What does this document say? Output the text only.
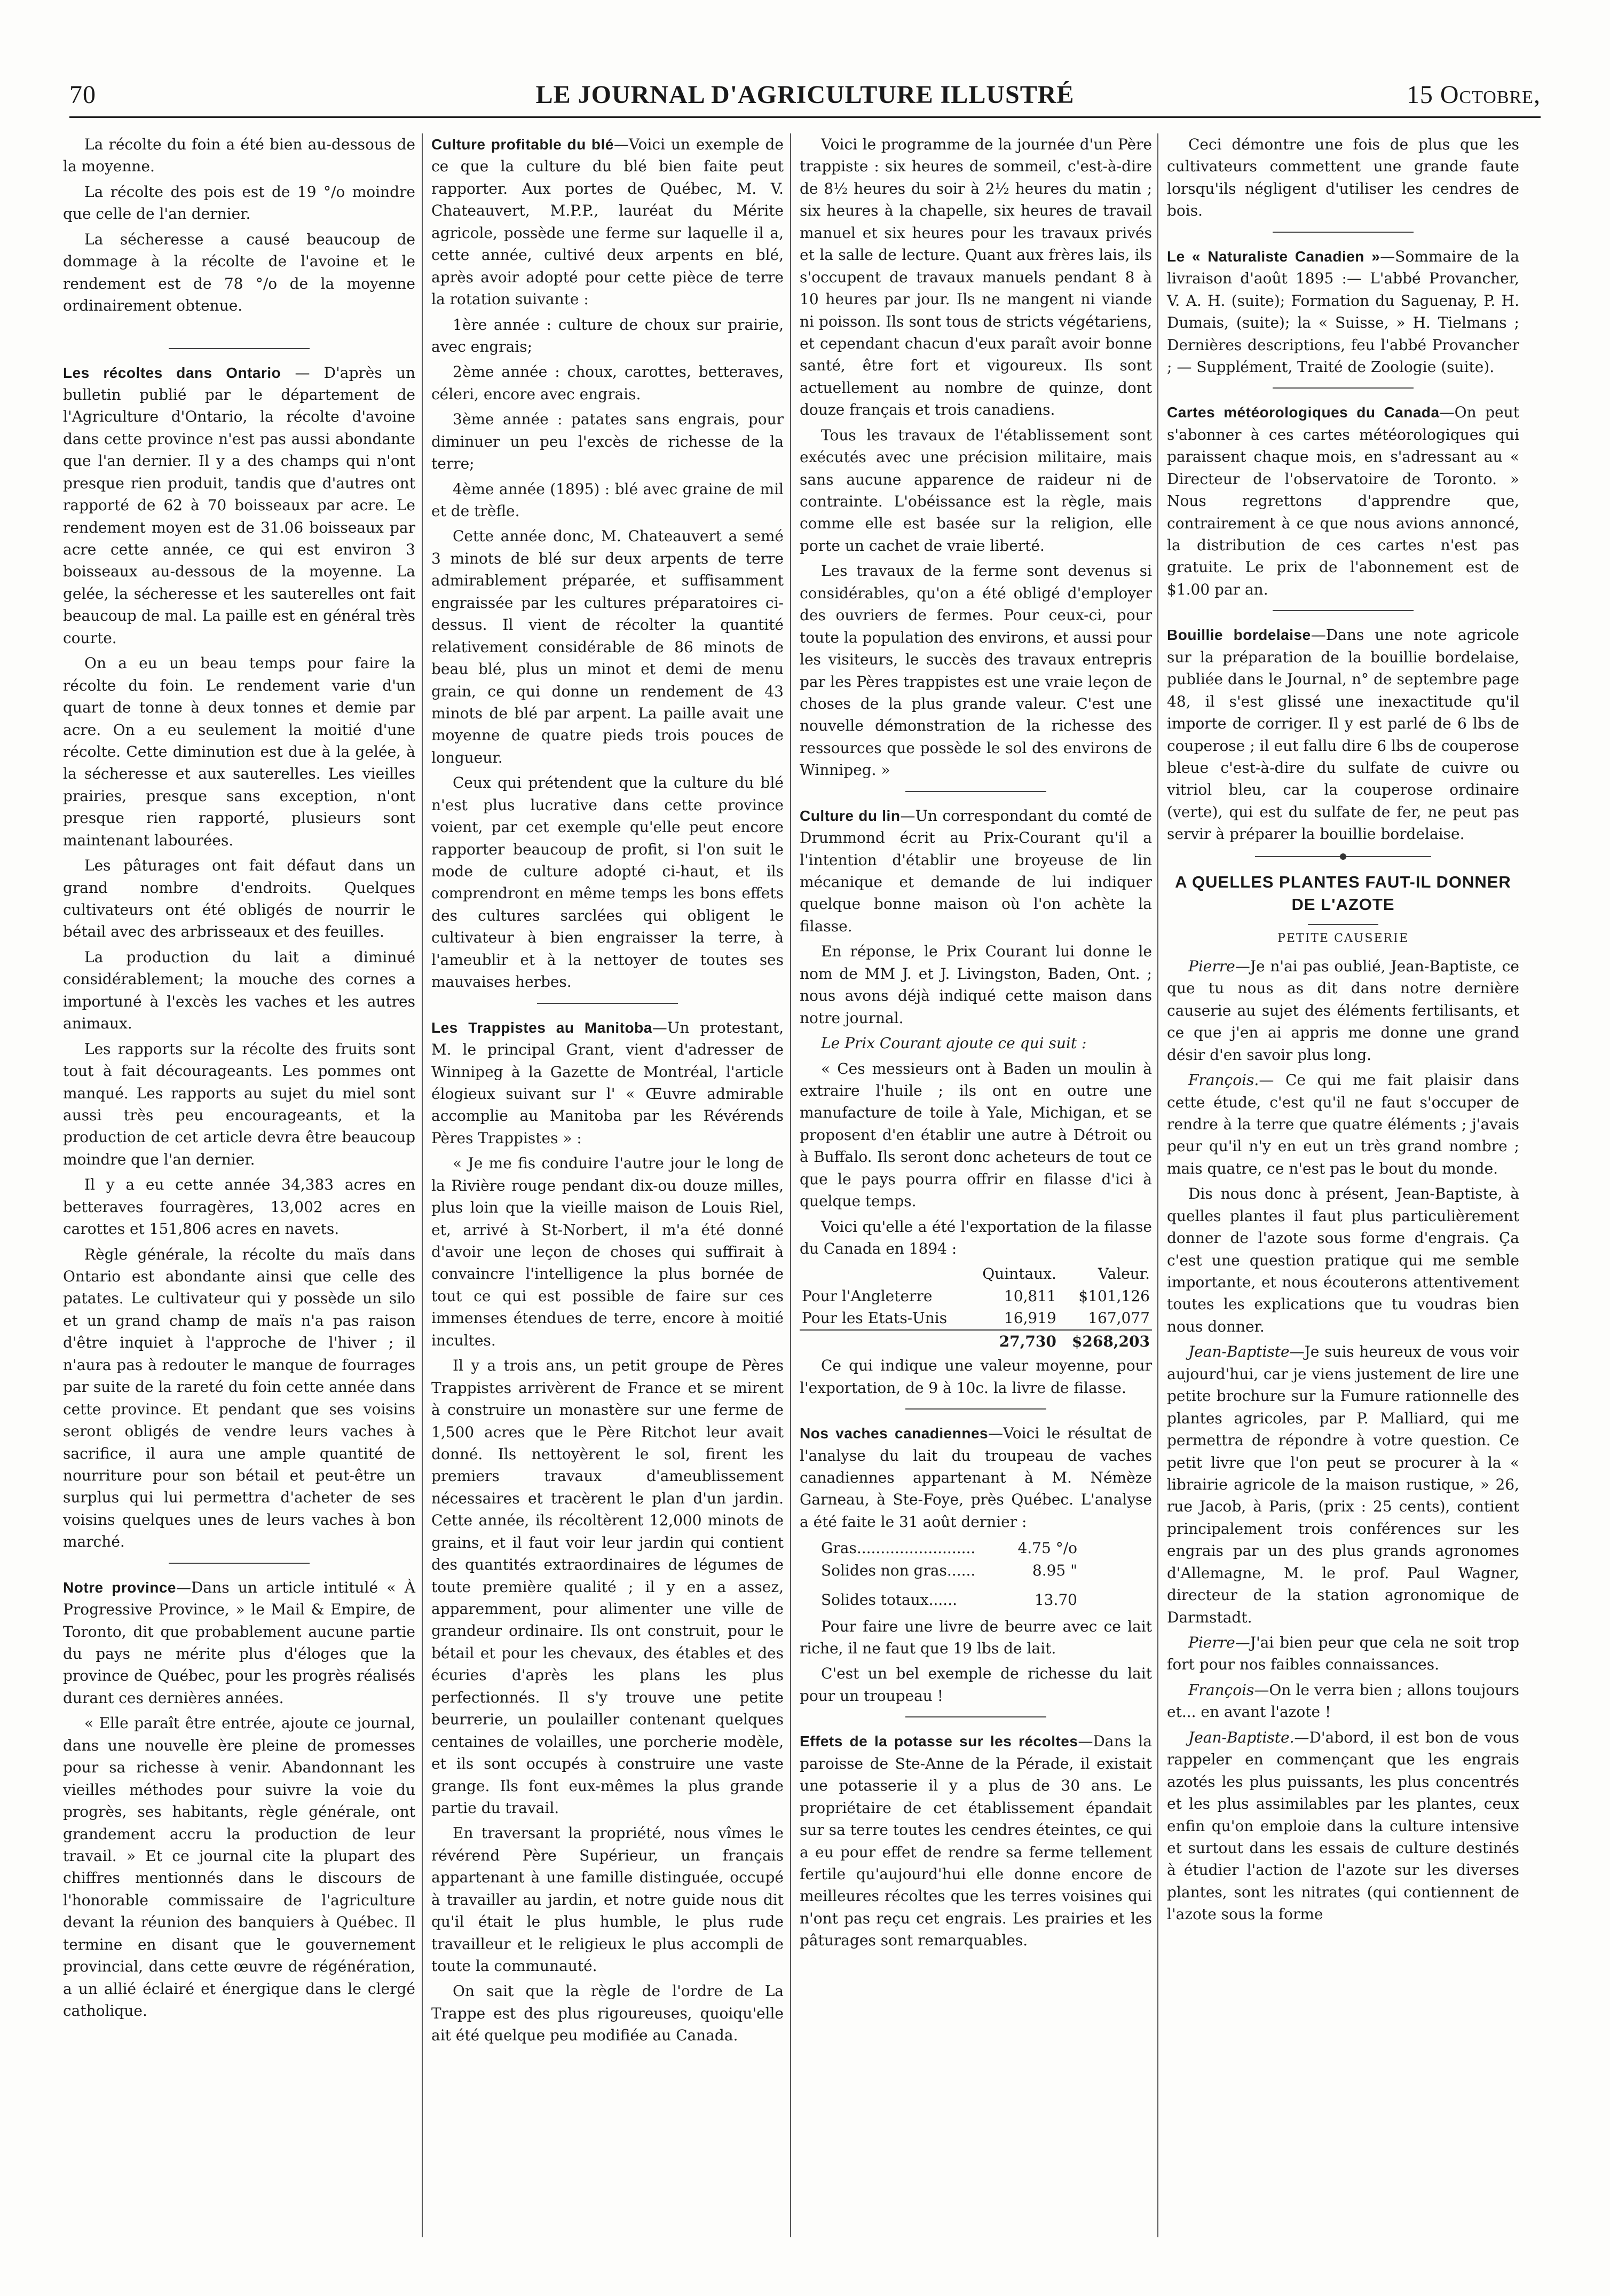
70	LE JOURNAL D'AGRICULTURE ILLUSTRÉ	15 Octobre,

La récolte du foin a été bien au-dessous de la moyenne.

La récolte des pois est de 19 °/o moindre que celle de l'an dernier.

La sécheresse a causé beaucoup de dommage à la récolte de l'avoine et le rendement est de 78 °/o de la moyenne ordinairement obtenue.

Les récoltes dans Ontario — D'après un bulletin publié par le département de l'Agriculture d'Ontario, la récolte d'avoine dans cette province n'est pas aussi abondante que l'an dernier. Il y a des champs qui n'ont presque rien produit, tandis que d'autres ont rapporté de 62 à 70 boisseaux par acre. Le rendement moyen est de 31.06 boisseaux par acre cette année, ce qui est environ 3 boisseaux au-dessous de la moyenne. La gelée, la sécheresse et les sauterelles ont fait beaucoup de mal. La paille est en général très courte.

On a eu un beau temps pour faire la récolte du foin. Le rendement varie d'un quart de tonne à deux tonnes et demie par acre. On a eu seulement la moitié d'une récolte. Cette diminution est due à la gelée, à la sécheresse et aux sauterelles. Les vieilles prairies, presque sans exception, n'ont presque rien rapporté, plusieurs sont maintenant labourées.

Les pâturages ont fait défaut dans un grand nombre d'endroits. Quelques cultivateurs ont été obligés de nourrir le bétail avec des arbrisseaux et des feuilles.

La production du lait a diminué considérablement; la mouche des cornes a importuné à l'excès les vaches et les autres animaux.

Les rapports sur la récolte des fruits sont tout à fait décourageants. Les pommes ont manqué. Les rapports au sujet du miel sont aussi très peu encourageants, et la production de cet article devra être beaucoup moindre que l'an dernier.

Il y a eu cette année 34,383 acres en betteraves fourragères, 13,002 acres en carottes et 151,806 acres en navets.

Règle générale, la récolte du maïs dans Ontario est abondante ainsi que celle des patates. Le cultivateur qui y possède un silo et un grand champ de maïs n'a pas raison d'être inquiet à l'approche de l'hiver ; il n'aura pas à redouter le manque de fourrages par suite de la rareté du foin cette année dans cette province. Et pendant que ses voisins seront obligés de vendre leurs vaches à sacrifice, il aura une ample quantité de nourriture pour son bétail et peut-être un surplus qui lui permettra d'acheter de ses voisins quelques unes de leurs vaches à bon marché.

Notre province—Dans un article intitulé « À Progressive Province, » le Mail & Empire, de Toronto, dit que probablement aucune partie du pays ne mérite plus d'éloges que la province de Québec, pour les progrès réalisés durant ces dernières années.

« Elle paraît être entrée, ajoute ce journal, dans une nouvelle ère pleine de promesses pour sa richesse à venir. Abandonnant les vieilles méthodes pour suivre la voie du progrès, ses habitants, règle générale, ont grandement accru la production de leur travail. » Et ce journal cite la plupart des chiffres mentionnés dans le discours de l'honorable commissaire de l'agriculture devant la réunion des banquiers à Québec. Il termine en disant que le gouvernement provincial, dans cette œuvre de régénération, a un allié éclairé et énergique dans le clergé catholique.

Culture profitable du blé—Voici un exemple de ce que la culture du blé bien faite peut rapporter. Aux portes de Québec, M. V. Chateauvert, M.P.P., lauréat du Mérite agricole, possède une ferme sur laquelle il a, cette année, cultivé deux arpents en blé, après avoir adopté pour cette pièce de terre la rotation suivante :

1ère année : culture de choux sur prairie, avec engrais;

2ème année : choux, carottes, betteraves, céleri, encore avec engrais.

3ème année : patates sans engrais, pour diminuer un peu l'excès de richesse de la terre;

4ème année (1895) : blé avec graine de mil et de trèfle.

Cette année donc, M. Chateauvert a semé 3 minots de blé sur deux arpents de terre admirablement préparée, et suffisamment engraissée par les cultures préparatoires ci-dessus. Il vient de récolter la quantité relativement considérable de 86 minots de beau blé, plus un minot et demi de menu grain, ce qui donne un rendement de 43 minots de blé par arpent. La paille avait une moyenne de quatre pieds trois pouces de longueur.

Ceux qui prétendent que la culture du blé n'est plus lucrative dans cette province voient, par cet exemple qu'elle peut encore rapporter beaucoup de profit, si l'on suit le mode de culture adopté ci-haut, et ils comprendront en même temps les bons effets des cultures sarclées qui obligent le cultivateur à bien engraisser la terre, à l'ameublir et à la nettoyer de toutes ses mauvaises herbes.

Les Trappistes au Manitoba—Un protestant, M. le principal Grant, vient d'adresser de Winnipeg à la Gazette de Montréal, l'article élogieux suivant sur l' « Œuvre admirable accomplie au Manitoba par les Révérends Pères Trappistes » :

« Je me fis conduire l'autre jour le long de la Rivière rouge pendant dix-ou douze milles, plus loin que la vieille maison de Louis Riel, et, arrivé à St-Norbert, il m'a été donné d'avoir une leçon de choses qui suffirait à convaincre l'intelligence la plus bornée de tout ce qui est possible de faire sur ces immenses étendues de terre, encore à moitié incultes.

Il y a trois ans, un petit groupe de Pères Trappistes arrivèrent de France et se mirent à construire un monastère sur une ferme de 1,500 acres que le Père Ritchot leur avait donné. Ils nettoyèrent le sol, firent les premiers travaux d'ameublissement nécessaires et tracèrent le plan d'un jardin. Cette année, ils récoltèrent 12,000 minots de grains, et il faut voir leur jardin qui contient des quantités extraordinaires de légumes de toute première qualité ; il y en a assez, apparemment, pour alimenter une ville de grandeur ordinaire. Ils ont construit, pour le bétail et pour les chevaux, des étables et des écuries d'après les plans les plus perfectionnés. Il s'y trouve une petite beurrerie, un poulailler contenant quelques centaines de volailles, une porcherie modèle, et ils sont occupés à construire une vaste grange. Ils font eux-mêmes la plus grande partie du travail.

En traversant la propriété, nous vîmes le révérend Père Supérieur, un français appartenant à une famille distinguée, occupé à travailler au jardin, et notre guide nous dit qu'il était le plus humble, le plus rude travailleur et le religieux le plus accompli de toute la communauté.

On sait que la règle de l'ordre de La Trappe est des plus rigoureuses, quoiqu'elle ait été quelque peu modifiée au Canada.

Voici le programme de la journée d'un Père trappiste : six heures de sommeil, c'est-à-dire de 8½ heures du soir à 2½ heures du matin ; six heures à la chapelle, six heures de travail manuel et six heures pour les travaux privés et la salle de lecture. Quant aux frères lais, ils s'occupent de travaux manuels pendant 8 à 10 heures par jour. Ils ne mangent ni viande ni poisson. Ils sont tous de stricts végétariens, et cependant chacun d'eux paraît avoir bonne santé, être fort et vigoureux. Ils sont actuellement au nombre de quinze, dont douze français et trois canadiens.

Tous les travaux de l'établissement sont exécutés avec une précision militaire, mais sans aucune apparence de raideur ni de contrainte. L'obéissance est la règle, mais comme elle est basée sur la religion, elle porte un cachet de vraie liberté.

Les travaux de la ferme sont devenus si considérables, qu'on a été obligé d'employer des ouvriers de fermes. Pour ceux-ci, pour toute la population des environs, et aussi pour les visiteurs, le succès des travaux entrepris par les Pères trappistes est une vraie leçon de choses de la plus grande valeur. C'est une nouvelle démonstration de la richesse des ressources que possède le sol des environs de Winnipeg. »

Culture du lin—Un correspondant du comté de Drummond écrit au Prix-Courant qu'il a l'intention d'établir une broyeuse de lin mécanique et demande de lui indiquer quelque bonne maison où l'on achète la filasse.

En réponse, le Prix Courant lui donne le nom de MM J. et J. Livingston, Baden, Ont. ; nous avons déjà indiqué cette maison dans notre journal.

Le Prix Courant ajoute ce qui suit :

« Ces messieurs ont à Baden un moulin à extraire l'huile ; ils ont en outre une manufacture de toile à Yale, Michigan, et se proposent d'en établir une autre à Détroit ou à Buffalo. Ils seront donc acheteurs de tout ce que le pays pourra offrir en filasse d'ici à quelque temps.

Voici qu'elle a été l'exportation de la filasse du Canada en 1894 :

	Quintaux.	Valeur.
Pour l'Angleterre	10,811	$101,126
Pour les Etats-Unis	16,919	167,077
	27,730	$268,203

Ce qui indique une valeur moyenne, pour l'exportation, de 9 à 10c. la livre de filasse.

Nos vaches canadiennes—Voici le résultat de l'analyse du lait du troupeau de vaches canadiennes appartenant à M. Némèze Garneau, à Ste-Foye, près Québec. L'analyse a été faite le 31 août dernier :

Gras.........................	4.75 °/o
Solides non gras......	8.95 "
Solides totaux......	13.70

Pour faire une livre de beurre avec ce lait riche, il ne faut que 19 lbs de lait.

C'est un bel exemple de richesse du lait pour un troupeau !

Effets de la potasse sur les récoltes—Dans la paroisse de Ste-Anne de la Pérade, il existait une potasserie il y a plus de 30 ans. Le propriétaire de cet établissement épandait sur sa terre toutes les cendres éteintes, ce qui a eu pour effet de rendre sa ferme tellement fertile qu'aujourd'hui elle donne encore de meilleures récoltes que les terres voisines qui n'ont pas reçu cet engrais. Les prairies et les pâturages sont remarquables.

Ceci démontre une fois de plus que les cultivateurs commettent une grande faute lorsqu'ils négligent d'utiliser les cendres de bois.

Le « Naturaliste Canadien »—Sommaire de la livraison d'août 1895 :— L'abbé Provancher, V. A. H. (suite); Formation du Saguenay, P. H. Dumais, (suite); la « Suisse, » H. Tielmans ; Dernières descriptions, feu l'abbé Provancher ; — Supplément, Traité de Zoologie (suite).

Cartes météorologiques du Canada—On peut s'abonner à ces cartes météorologiques qui paraissent chaque mois, en s'adressant au « Directeur de l'observatoire de Toronto. » Nous regrettons d'apprendre que, contrairement à ce que nous avions annoncé, la distribution de ces cartes n'est pas gratuite. Le prix de l'abonnement est de $1.00 par an.

Bouillie bordelaise—Dans une note agricole sur la préparation de la bouillie bordelaise, publiée dans le Journal, n° de septembre page 48, il s'est glissé une inexactitude qu'il importe de corriger. Il y est parlé de 6 lbs de couperose ; il eut fallu dire 6 lbs de couperose bleue c'est-à-dire du sulfate de cuivre ou vitriol bleu, car la couperose ordinaire (verte), qui est du sulfate de fer, ne peut pas servir à préparer la bouillie bordelaise.

A QUELLES PLANTES FAUT-IL DONNER DE L'AZOTE
PETITE CAUSERIE

Pierre—Je n'ai pas oublié, Jean-Baptiste, ce que tu nous as dit dans notre dernière causerie au sujet des éléments fertilisants, et ce que j'en ai appris me donne une grand désir d'en savoir plus long.

François.— Ce qui me fait plaisir dans cette étude, c'est qu'il ne faut s'occuper de rendre à la terre que quatre éléments ; j'avais peur qu'il n'y en eut un très grand nombre ; mais quatre, ce n'est pas le bout du monde.

Dis nous donc à présent, Jean-Baptiste, à quelles plantes il faut plus particulièrement donner de l'azote sous forme d'engrais. Ça c'est une question pratique qui me semble importante, et nous écouterons attentivement toutes les explications que tu voudras bien nous donner.

Jean-Baptiste—Je suis heureux de vous voir aujourd'hui, car je viens justement de lire une petite brochure sur la Fumure rationnelle des plantes agricoles, par P. Malliard, qui me permettra de répondre à votre question. Ce petit livre que l'on peut se procurer à la « librairie agricole de la maison rustique, » 26, rue Jacob, à Paris, (prix : 25 cents), contient principalement trois conférences sur les engrais par un des plus grands agronomes d'Allemagne, M. le prof. Paul Wagner, directeur de la station agronomique de Darmstadt.

Pierre—J'ai bien peur que cela ne soit trop fort pour nos faibles connaissances.

François—On le verra bien ; allons toujours et... en avant l'azote !

Jean-Baptiste.—D'abord, il est bon de vous rappeler en commençant que les engrais azotés les plus puissants, les plus concentrés et les plus assimilables par les plantes, ceux enfin qu'on emploie dans la culture intensive et surtout dans les essais de culture destinés à étudier l'action de l'azote sur les diverses plantes, sont les nitrates (qui contiennent de l'azote sous la forme
